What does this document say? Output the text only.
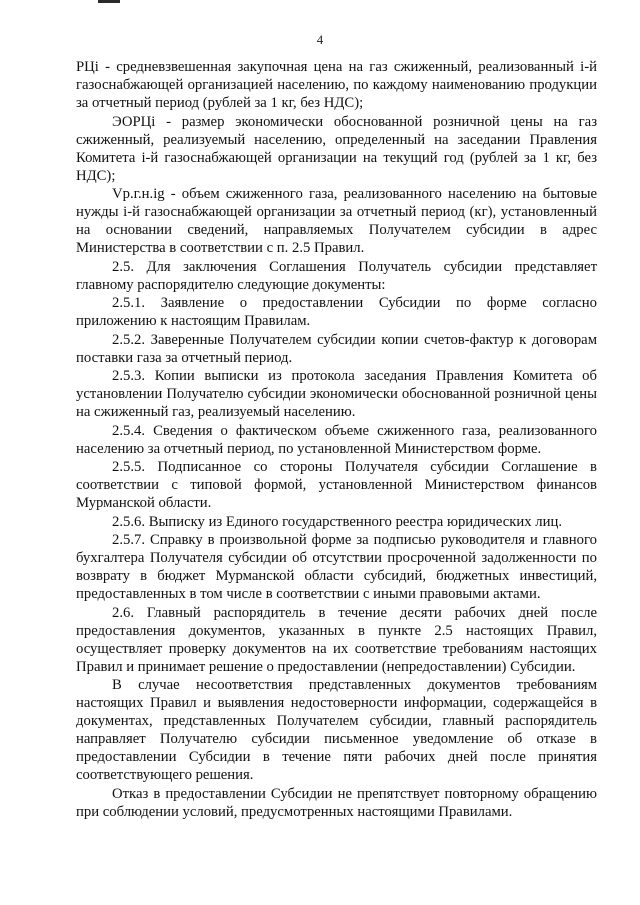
4

РЦi - средневзвешенная закупочная цена на газ сжиженный, реализованный i-й газоснабжающей организацией населению, по каждому наименованию продукции за отчетный период (рублей за 1 кг, без НДС);

ЭОРЦi - размер экономически обоснованной розничной цены на газ сжиженный, реализуемый населению, определенный на заседании Правления Комитета i-й газоснабжающей организации на текущий год (рублей за 1 кг, без НДС);

Vр.г.н.ig - объем сжиженного газа, реализованного населению на бытовые нужды i-й газоснабжающей организации за отчетный период (кг), установленный на основании сведений, направляемых Получателем субсидии в адрес Министерства в соответствии с п. 2.5 Правил.

2.5. Для заключения Соглашения Получатель субсидии представляет главному распорядителю следующие документы:

2.5.1. Заявление о предоставлении Субсидии по форме согласно приложению к настоящим Правилам.

2.5.2. Заверенные Получателем субсидии копии счетов-фактур к договорам поставки газа за отчетный период.

2.5.3. Копии выписки из протокола заседания Правления Комитета об установлении Получателю субсидии экономически обоснованной розничной цены на сжиженный газ, реализуемый населению.

2.5.4. Сведения о фактическом объеме сжиженного газа, реализованного населению за отчетный период, по установленной Министерством форме.

2.5.5. Подписанное со стороны Получателя субсидии Соглашение в соответствии с типовой формой, установленной Министерством финансов Мурманской области.

2.5.6. Выписку из Единого государственного реестра юридических лиц.

2.5.7. Справку в произвольной форме за подписью руководителя и главного бухгалтера Получателя субсидии об отсутствии просроченной задолженности по возврату в бюджет Мурманской области субсидий, бюджетных инвестиций, предоставленных в том числе в соответствии с иными правовыми актами.

2.6. Главный распорядитель в течение десяти рабочих дней после предоставления документов, указанных в пункте 2.5 настоящих Правил, осуществляет проверку документов на их соответствие требованиям настоящих Правил и принимает решение о предоставлении (непредоставлении) Субсидии.

В случае несоответствия представленных документов требованиям настоящих Правил и выявления недостоверности информации, содержащейся в документах, представленных Получателем субсидии, главный распорядитель направляет Получателю субсидии письменное уведомление об отказе в предоставлении Субсидии в течение пяти рабочих дней после принятия соответствующего решения.

Отказ в предоставлении Субсидии не препятствует повторному обращению при соблюдении условий, предусмотренных настоящими Правилами.
